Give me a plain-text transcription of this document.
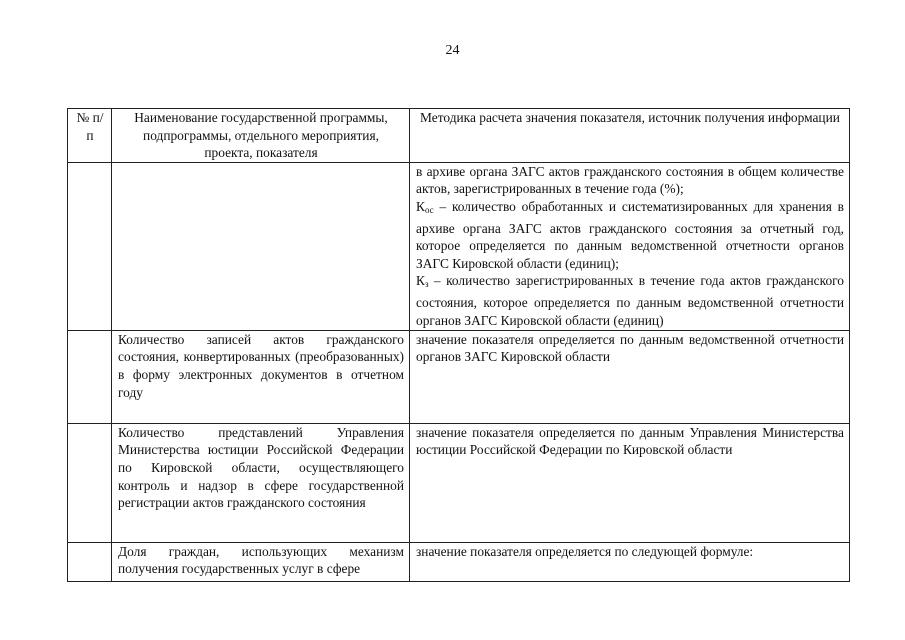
24
№ п/п	Наименование государственной программы, подпрограммы, отдельного мероприятия, проекта, показателя	Методика расчета значения показателя, источник получения информации

		в архиве органа ЗАГС актов гражданского состояния в общем количестве актов, зарегистрированных в течение года (%);
$К_{ос}$ – количество обработанных и систематизированных для хранения в архиве органа ЗАГС актов гражданского состояния за отчетный год, которое определяется по данным ведомственной отчетности органов ЗАГС Кировской области (единиц);
$К_з$ – количество зарегистрированных в течение года актов гражданского состояния, которое определяется по данным ведомственной отчетности органов ЗАГС Кировской области (единиц)

	Количество записей актов гражданского состояния, конвертированных (преобразованных) в форму электронных документов в отчетном году	значение показателя определяется по данным ведомственной отчетности органов ЗАГС Кировской области
	Количество представлений Управления Министерства юстиции Российской Федерации по Кировской области, осуществляющего контроль и надзор в сфере государственной регистрации актов гражданского состояния	значение показателя определяется по данным Управления Министерства юстиции Российской Федерации по Кировской области
	Доля граждан, использующих механизм получения государственных услуг в сфере	значение показателя определяется по следующей формуле:
